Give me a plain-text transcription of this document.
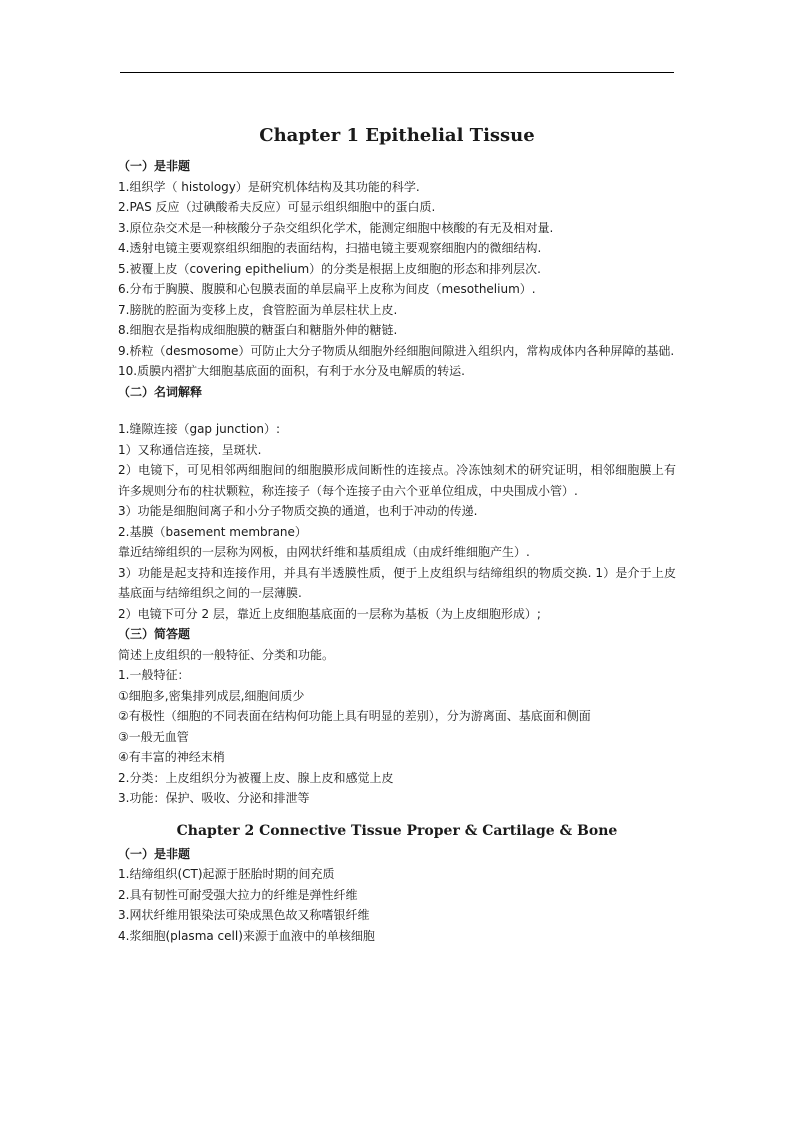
Chapter 1 Epithelial Tissue
（一）是非题
1.组织学（ histology）是研究机体结构及其功能的科学.
2.PAS 反应（过碘酸希夫反应）可显示组织细胞中的蛋白质.
3.原位杂交术是一种核酸分子杂交组织化学术，能测定细胞中核酸的有无及相对量.
4.透射电镜主要观察组织细胞的表面结构，扫描电镜主要观察细胞内的微细结构.
5.被覆上皮（covering epithelium）的分类是根据上皮细胞的形态和排列层次.
6.分布于胸膜、腹膜和心包膜表面的单层扁平上皮称为间皮（mesothelium）.
7.膀胱的腔面为变移上皮，食管腔面为单层柱状上皮.
8.细胞衣是指构成细胞膜的糖蛋白和糖脂外伸的糖链.
9.桥粒（desmosome）可防止大分子物质从细胞外经细胞间隙进入组织内，常构成体内各种屏障的基础.
10.质膜内褶扩大细胞基底面的面积，有利于水分及电解质的转运.
（二）名词解释
1.缝隙连接（gap junction）:
1）又称通信连接，呈斑状.
2）电镜下，可见相邻两细胞间的细胞膜形成间断性的连接点。冷冻蚀刻术的研究证明，相邻细胞膜上有许多规则分布的柱状颗粒，称连接子（每个连接子由六个亚单位组成，中央围成小管）.
3）功能是细胞间离子和小分子物质交换的通道，也利于冲动的传递.
2.基膜（basement membrane）
靠近结缔组织的一层称为网板，由网状纤维和基质组成（由成纤维细胞产生）.
3）功能是起支持和连接作用，并具有半透膜性质，便于上皮组织与结缔组织的物质交换. 1）是介于上皮基底面与结缔组织之间的一层薄膜.
2）电镜下可分 2 层，靠近上皮细胞基底面的一层称为基板（为上皮细胞形成）;
（三）简答题
简述上皮组织的一般特征、分类和功能。
1.一般特征：
①细胞多,密集排列成层,细胞间质少
②有极性（细胞的不同表面在结构何功能上具有明显的差别），分为游离面、基底面和侧面
③一般无血管
④有丰富的神经末梢
2.分类：上皮组织分为被覆上皮、腺上皮和感觉上皮
3.功能：保护、吸收、分泌和排泄等
Chapter 2 Connective Tissue Proper & Cartilage & Bone
（一）是非题
1.结缔组织(CT)起源于胚胎时期的间充质
2.具有韧性可耐受强大拉力的纤维是弹性纤维
3.网状纤维用银染法可染成黑色故又称嗜银纤维
4.浆细胞(plasma cell)来源于血液中的单核细胞
